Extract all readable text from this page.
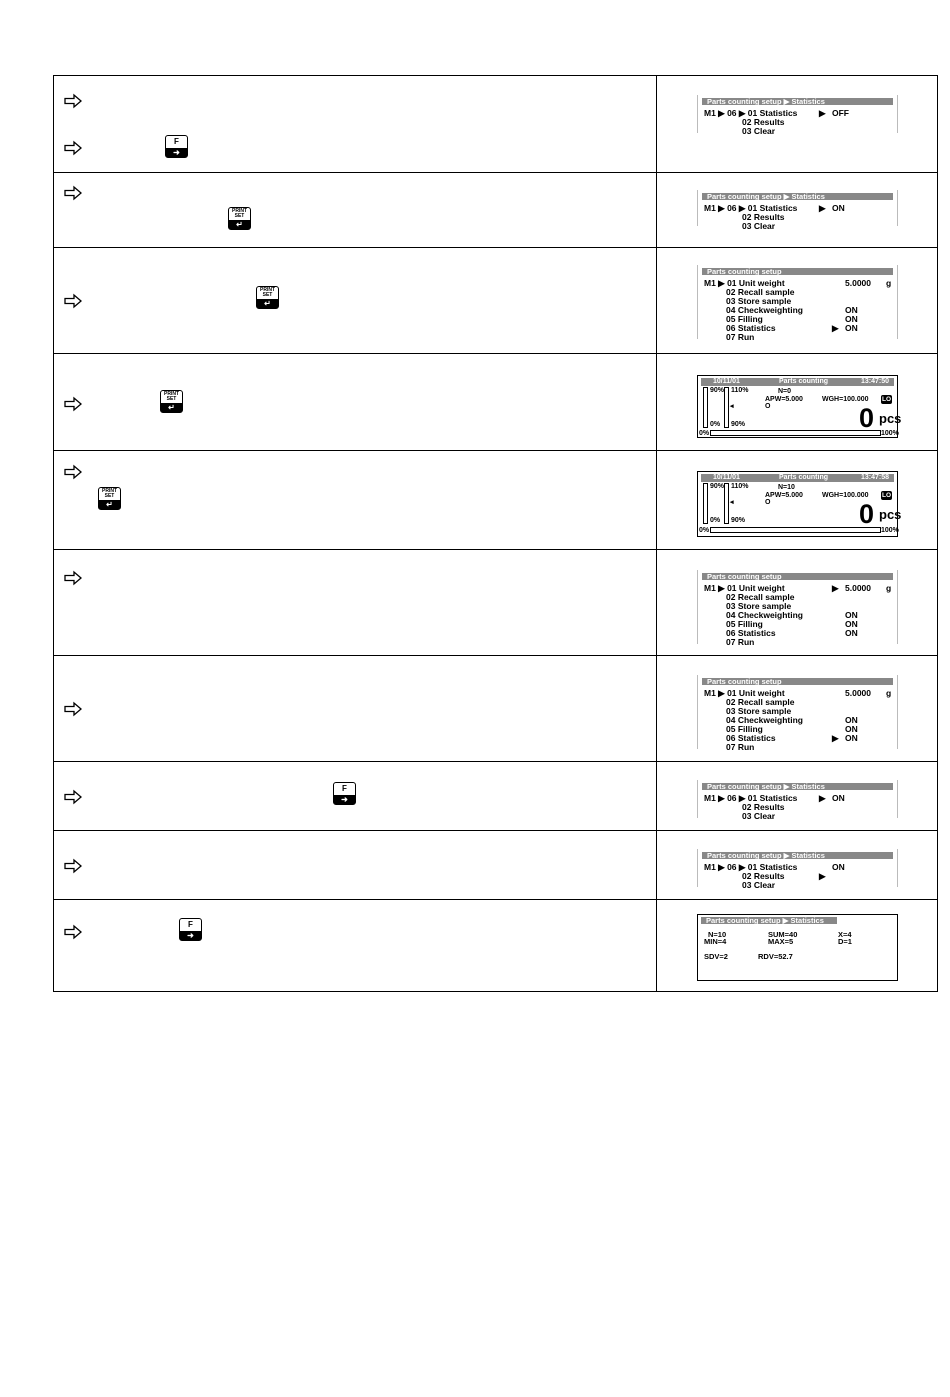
F
➜
Parts counting setup ▶ Statistics
M1 ▶ 06 ▶ 01 Statistics	▶ OFF
02 Results
03 Clear
PRINT
SET
↵
Parts counting setup ▶ Statistics
M1 ▶ 06 ▶ 01 Statistics	▶ ON
02 Results
03 Clear
PRINT
SET
↵
Parts counting setup
M1 ▶ 01 Unit weight	5.0000 g
02 Recall sample
03 Store sample
04 Checkweighting	ON
05 Filling	ON
06 Statistics	▶ ON
07 Run
PRINT
SET
↵
10/11/01	Parts counting	13:47:50
90% 110%
0% 90%
◂
N=0
APW=5.000
O
WGH=100.000 LO
0 pcs
0%	100%
PRINT
SET
↵
10/11/01	Parts counting	13:47:58
90% 110%
0% 90%
◂
N=10
APW=5.000
O
WGH=100.000 LO
0 pcs
0%	100%
Parts counting setup
M1 ▶ 01 Unit weight	▶ 5.0000 g
02 Recall sample
03 Store sample
04 Checkweighting	ON
05 Filling	ON
06 Statistics	ON
07 Run
Parts counting setup
M1 ▶ 01 Unit weight	5.0000 g
02 Recall sample
03 Store sample
04 Checkweighting	ON
05 Filling	ON
06 Statistics	▶ ON
07 Run
F
➜
Parts counting setup ▶ Statistics
M1 ▶ 06 ▶ 01 Statistics	▶ ON
02 Results
03 Clear
Parts counting setup ▶ Statistics
M1 ▶ 06 ▶ 01 Statistics	ON
02 Results	▶
03 Clear
F
➜
Parts counting setup ▶ Statistics
N=10	SUM=40	X=4
MIN=4	MAX=5	D=1
SDV=2	RDV=52.7
